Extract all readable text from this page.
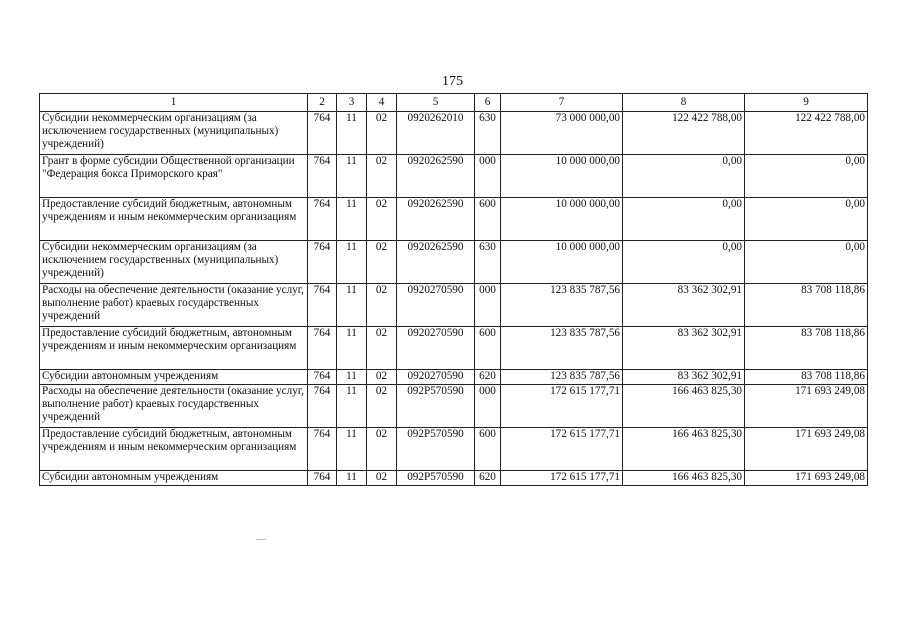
175
1	2	3	4	5	6	7	8	9
Субсидии некоммерческим организациям (за исключением государственных (муниципальных) учреждений)	764	11	02	0920262010	630	73 000 000,00	122 422 788,00	122 422 788,00
Грант в форме субсидии Общественной организации "Федерация бокса Приморского края"	764	11	02	0920262590	000	10 000 000,00	0,00	0,00
Предоставление субсидий бюджетным, автономным учреждениям и иным некоммерческим организациям	764	11	02	0920262590	600	10 000 000,00	0,00	0,00
Субсидии некоммерческим организациям (за исключением государственных (муниципальных) учреждений)	764	11	02	0920262590	630	10 000 000,00	0,00	0,00
Расходы на обеспечение деятельности (оказание услуг, выполнение работ) краевых государственных учреждений	764	11	02	0920270590	000	123 835 787,56	83 362 302,91	83 708 118,86
Предоставление субсидий бюджетным, автономным учреждениям и иным некоммерческим организациям	764	11	02	0920270590	600	123 835 787,56	83 362 302,91	83 708 118,86
Субсидии автономным учреждениям	764	11	02	0920270590	620	123 835 787,56	83 362 302,91	83 708 118,86
Расходы на обеспечение деятельности (оказание услуг, выполнение работ) краевых государственных учреждений	764	11	02	092Р570590	000	172 615 177,71	166 463 825,30	171 693 249,08
Предоставление субсидий бюджетным, автономным учреждениям и иным некоммерческим организациям	764	11	02	092Р570590	600	172 615 177,71	166 463 825,30	171 693 249,08
Субсидии автономным учреждениям	764	11	02	092Р570590	620	172 615 177,71	166 463 825,30	171 693 249,08
